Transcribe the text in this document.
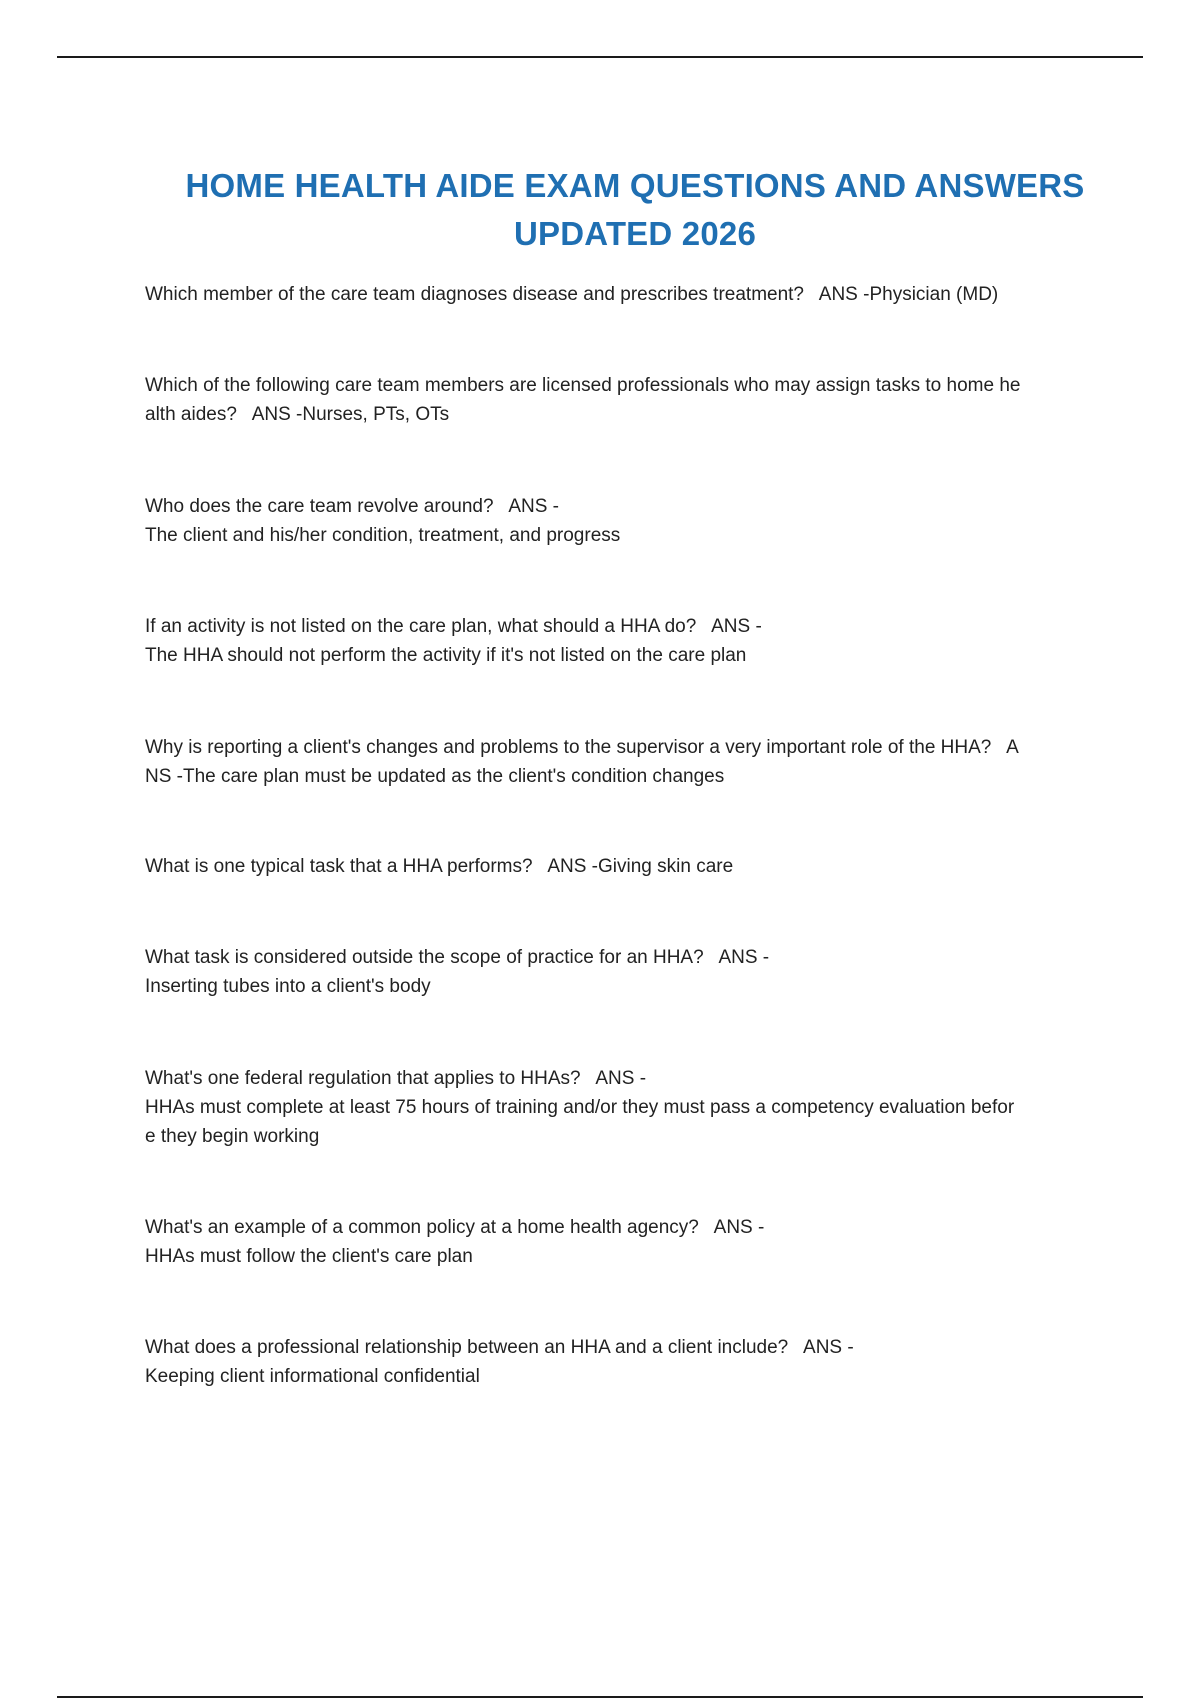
HOME HEALTH AIDE EXAM QUESTIONS AND ANSWERS
UPDATED 2026
Which member of the care team diagnoses disease and prescribes treatment?   ANS -Physician (MD)
Which of the following care team members are licensed professionals who may assign tasks to home he
alth aides?   ANS -Nurses, PTs, OTs
Who does the care team revolve around?   ANS -
The client and his/her condition, treatment, and progress
If an activity is not listed on the care plan, what should a HHA do?   ANS -
The HHA should not perform the activity if it's not listed on the care plan
Why is reporting a client's changes and problems to the supervisor a very important role of the HHA?   A
NS -The care plan must be updated as the client's condition changes
What is one typical task that a HHA performs?   ANS -Giving skin care
What task is considered outside the scope of practice for an HHA?   ANS -
Inserting tubes into a client's body
What's one federal regulation that applies to HHAs?   ANS -
HHAs must complete at least 75 hours of training and/or they must pass a competency evaluation befor
e they begin working
What's an example of a common policy at a home health agency?   ANS -
HHAs must follow the client's care plan
What does a professional relationship between an HHA and a client include?   ANS -
Keeping client informational confidential
